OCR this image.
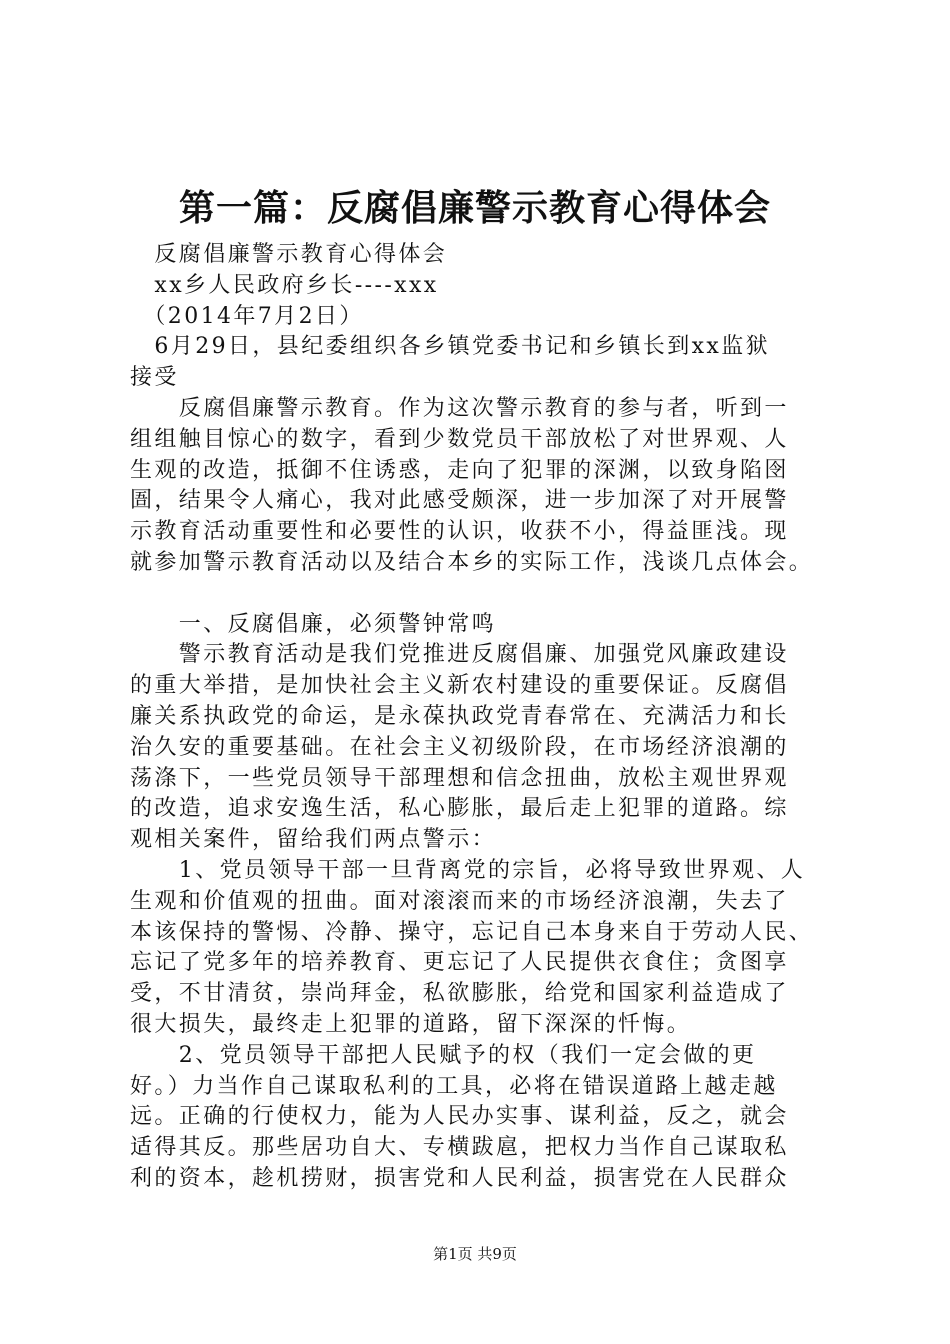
第一篇：反腐倡廉警示教育心得体会
　反腐倡廉警示教育心得体会
　xx乡人民政府乡长----xxx
　（2014年7月2日）
　6月29日，县纪委组织各乡镇党委书记和乡镇长到xx监狱
接受
　　反腐倡廉警示教育。作为这次警示教育的参与者，听到一
组组触目惊心的数字，看到少数党员干部放松了对世界观、人
生观的改造，抵御不住诱惑，走向了犯罪的深渊，以致身陷囹
圄，结果令人痛心，我对此感受颇深，进一步加深了对开展警
示教育活动重要性和必要性的认识，收获不小，得益匪浅。现
就参加警示教育活动以及结合本乡的实际工作，浅谈几点体会。
　　一、反腐倡廉，必须警钟常鸣
　　警示教育活动是我们党推进反腐倡廉、加强党风廉政建设
的重大举措，是加快社会主义新农村建设的重要保证。反腐倡
廉关系执政党的命运，是永葆执政党青春常在、充满活力和长
治久安的重要基础。在社会主义初级阶段，在市场经济浪潮的
荡涤下，一些党员领导干部理想和信念扭曲，放松主观世界观
的改造，追求安逸生活，私心膨胀，最后走上犯罪的道路。综
观相关案件，留给我们两点警示：
　　1、党员领导干部一旦背离党的宗旨，必将导致世界观、人
生观和价值观的扭曲。面对滚滚而来的市场经济浪潮，失去了
本该保持的警惕、冷静、操守，忘记自己本身来自于劳动人民、
忘记了党多年的培养教育、更忘记了人民提供衣食住；贪图享
受，不甘清贫，崇尚拜金，私欲膨胀，给党和国家利益造成了
很大损失，最终走上犯罪的道路，留下深深的忏悔。
　　2、党员领导干部把人民赋予的权（我们一定会做的更
好。）力当作自己谋取私利的工具，必将在错误道路上越走越
远。正确的行使权力，能为人民办实事、谋利益，反之，就会
适得其反。那些居功自大、专横跋扈，把权力当作自己谋取私
利的资本，趁机捞财，损害党和人民利益，损害党在人民群众
第1页 共9页
